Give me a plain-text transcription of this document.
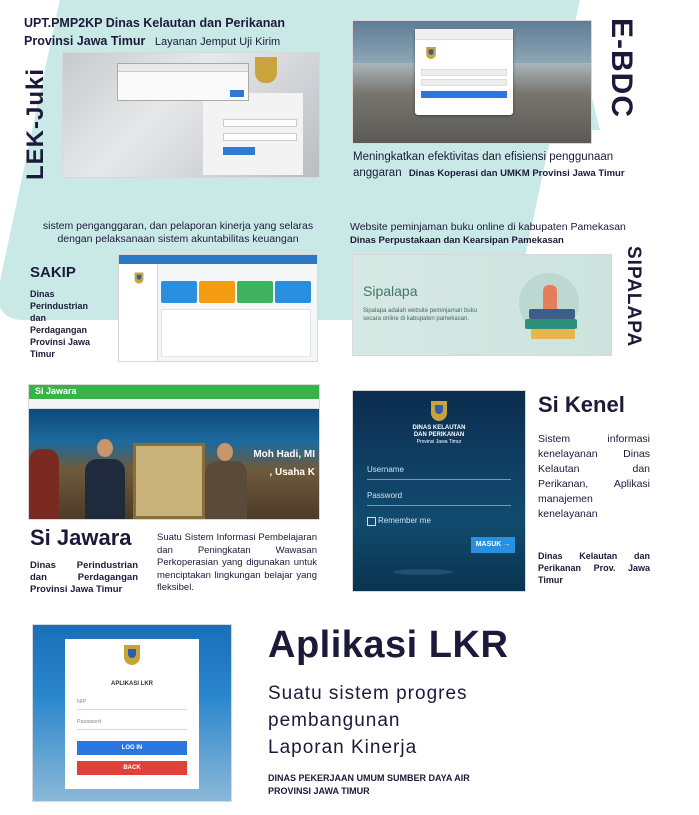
UPT.PMP2KP Dinas Kelautan dan Perikanan
Provinsi Jawa Timur Layanan Jemput Uji Kirim
LEK-Juki	E-BDC
Meningkatkan efektivitas dan efisiensi penggunaan anggaran Dinas Koperasi dan UMKM Provinsi Jawa Timur
sistem penganggaran, dan pelaporan kinerja yang selaras dengan pelaksanaan sistem akuntabilitas keuangan
SAKIP
Dinas Perindustrian dan Perdagangan Provinsi Jawa Timur
Website peminjaman buku online di kabupaten Pamekasan
Dinas Perpustakaan dan Kearsipan Pamekasan
Sipalapa
Sipalapa adalah website peminjaman buku secara online di kabupaten pamekasan.	SIPALAPA
Si Jawara
Moh Hadi, MI
, Usaha K
Si Jawara
Dinas Perindustrian dan Perdagangan Provinsi Jawa Timur
Suatu Sistem Informasi Pembelajaran dan Peningkatan Wawasan Perkoperasian yang digunakan untuk menciptakan lingkungan belajar yang fleksibel.
DINAS KELAUTAN
DAN PERIKANAN
Provinsi Jawa Timur
Username
Password
Remember me
MASUK →
Si Kenel
Sistem informasi kenelayanan Dinas Kelautan dan Perikanan, Aplikasi manajemen kenelayanan
Dinas Kelautan dan Perikanan Prov. Jawa Timur
APLIKASI LKR
NIP
Password
LOG IN
BACK
Aplikasi LKR
Suatu sistem progres
pembangunan
Laporan Kinerja
DINAS PEKERJAAN UMUM SUMBER DAYA AIR
PROVINSI JAWA TIMUR
